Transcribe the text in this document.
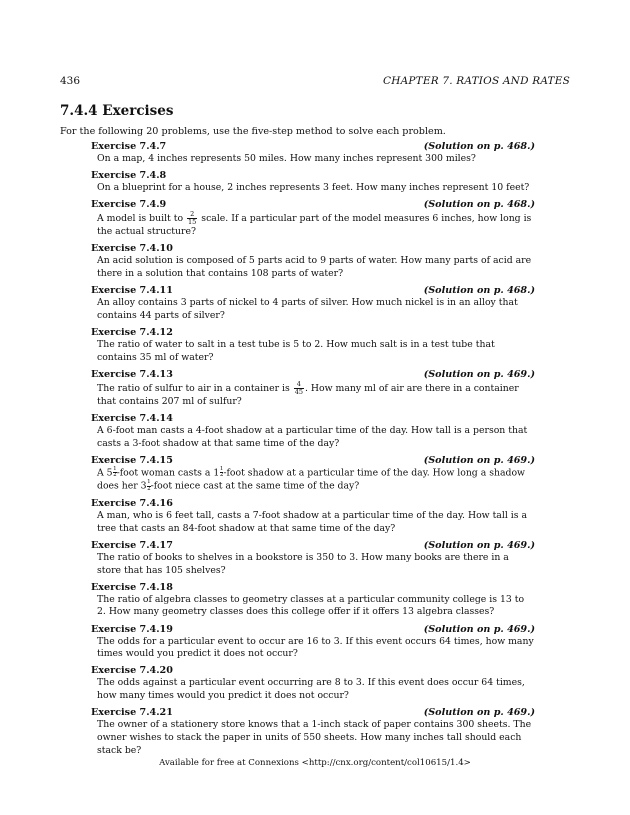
436	CHAPTER 7. RATIOS AND RATES
7.4.4 Exercises
For the following 20 problems, use the five-step method to solve each problem.
Exercise 7.4.7	(Solution on p. 468.)
On a map, 4 inches represents 50 miles. How many inches represent 300 miles?
Exercise 7.4.8
On a blueprint for a house, 2 inches represents 3 feet. How many inches represent 10 feet?
Exercise 7.4.9	(Solution on p. 468.)
A model is built to $\frac{2}{15}$ scale. If a particular part of the model measures 6 inches, how long is the actual structure?
Exercise 7.4.10
An acid solution is composed of 5 parts acid to 9 parts of water. How many parts of acid are there in a solution that contains 108 parts of water?
Exercise 7.4.11	(Solution on p. 468.)
An alloy contains 3 parts of nickel to 4 parts of silver. How much nickel is in an alloy that contains 44 parts of silver?
Exercise 7.4.12
The ratio of water to salt in a test tube is 5 to 2. How much salt is in a test tube that contains 35 ml of water?
Exercise 7.4.13	(Solution on p. 469.)
The ratio of sulfur to air in a container is $\frac{4}{45}$ . How many ml of air are there in a container that contains 207 ml of sulfur?
Exercise 7.4.14
A 6-foot man casts a 4-foot shadow at a particular time of the day. How tall is a person that casts a 3-foot shadow at that same time of the day?
Exercise 7.4.15	(Solution on p. 469.)
A $5 \frac{1}{2}$ -foot woman casts a $1 \frac{1}{2}$ -foot shadow at a particular time of the day. How long a shadow does her $3 \frac{1}{2}$ -foot niece cast at the same time of the day?
Exercise 7.4.16
A man, who is 6 feet tall, casts a 7-foot shadow at a particular time of the day. How tall is a tree that casts an 84-foot shadow at that same time of the day?
Exercise 7.4.17	(Solution on p. 469.)
The ratio of books to shelves in a bookstore is 350 to 3. How many books are there in a store that has 105 shelves?
Exercise 7.4.18
The ratio of algebra classes to geometry classes at a particular community college is 13 to 2. How many geometry classes does this college offer if it offers 13 algebra classes?
Exercise 7.4.19	(Solution on p. 469.)
The odds for a particular event to occur are 16 to 3. If this event occurs 64 times, how many times would you predict it does not occur?
Exercise 7.4.20
The odds against a particular event occurring are 8 to 3. If this event does occur 64 times, how many times would you predict it does not occur?
Exercise 7.4.21	(Solution on p. 469.)
The owner of a stationery store knows that a 1-inch stack of paper contains 300 sheets. The owner wishes to stack the paper in units of 550 sheets. How many inches tall should each stack be?
Available for free at Connexions <http://cnx.org/content/col10615/1.4>
